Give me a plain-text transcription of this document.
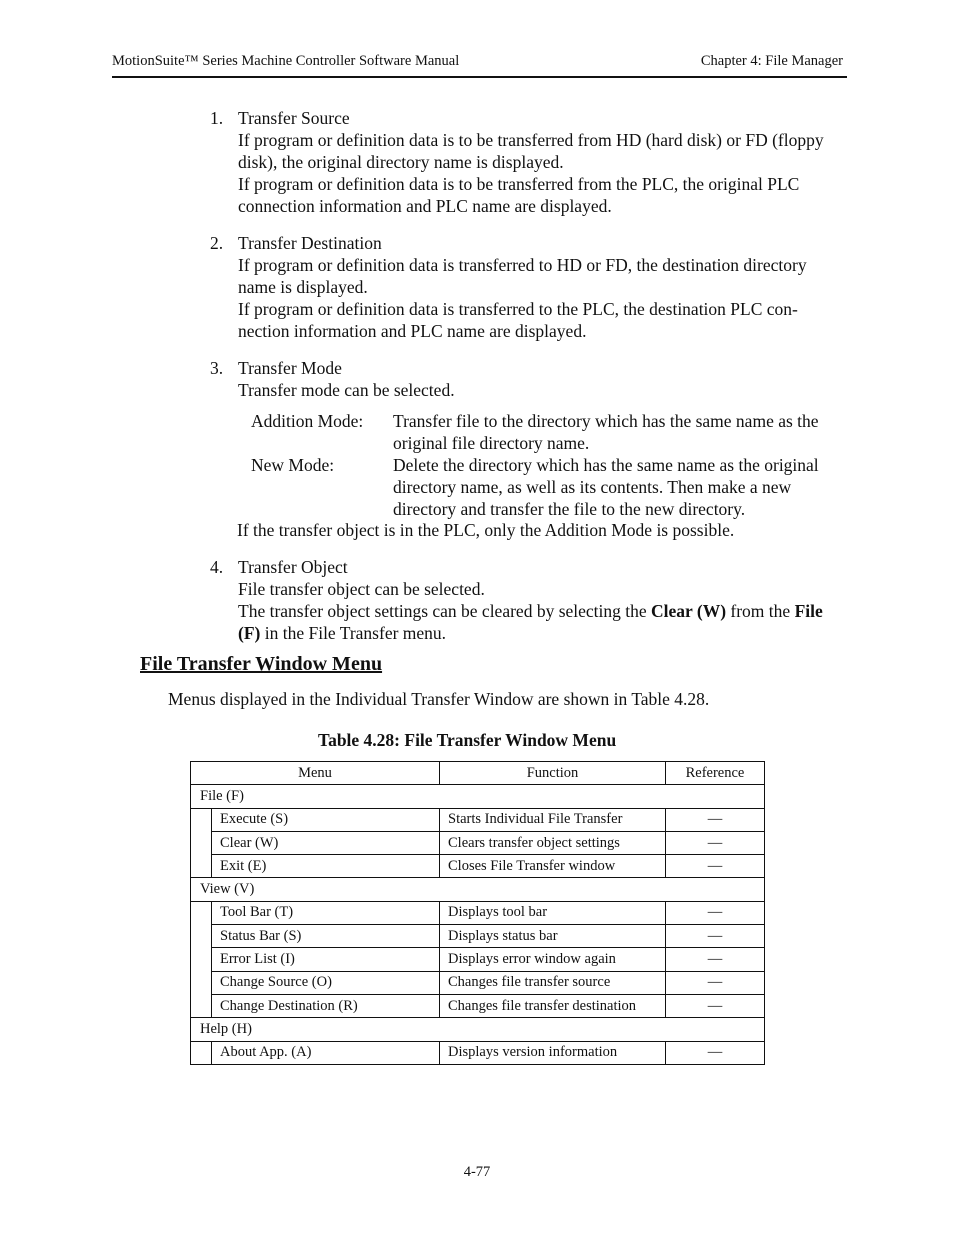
MotionSuite™ Series Machine Controller Software Manual	Chapter 4: File Manager
1. Transfer Source

If program or definition data is to be transferred from HD (hard disk) or FD (floppy disk), the original directory name is displayed.

If program or definition data is to be transferred from the PLC, the original PLC connection information and PLC name are displayed.

2. Transfer Destination

If program or definition data is transferred to HD or FD, the destination directory name is displayed.

If program or definition data is transferred to the PLC, the destination PLC con-nection information and PLC name are displayed.

3. Transfer Mode

Transfer mode can be selected.

Addition Mode:	Transfer file to the directory which has the same name as the original file directory name.
New Mode:	Delete the directory which has the same name as the original directory name, as well as its contents. Then make a new directory and transfer the file to the new directory.
If the transfer object is in the PLC, only the Addition Mode is possible.
4. Transfer Object

File transfer object can be selected.

The transfer object settings can be cleared by selecting the Clear (W) from the File (F) in the File Transfer menu.

File Transfer Window Menu
Menus displayed in the Individual Transfer Window are shown in Table 4.28.
Table 4.28: File Transfer Window Menu
Menu		Function	Reference
File (F)			
	Execute (S)	Starts Individual File Transfer	—
	Clear (W)	Clears transfer object settings	—
	Exit (E)	Closes File Transfer window	—
View (V)			
	Tool Bar (T)	Displays tool bar	—
	Status Bar (S)	Displays status bar	—
	Error List (I)	Displays error window again	—
	Change Source (O)	Changes file transfer source	—
	Change Destination (R)	Changes file transfer destination	—
Help (H)			
	About App. (A)	Displays version information	—
4-77
